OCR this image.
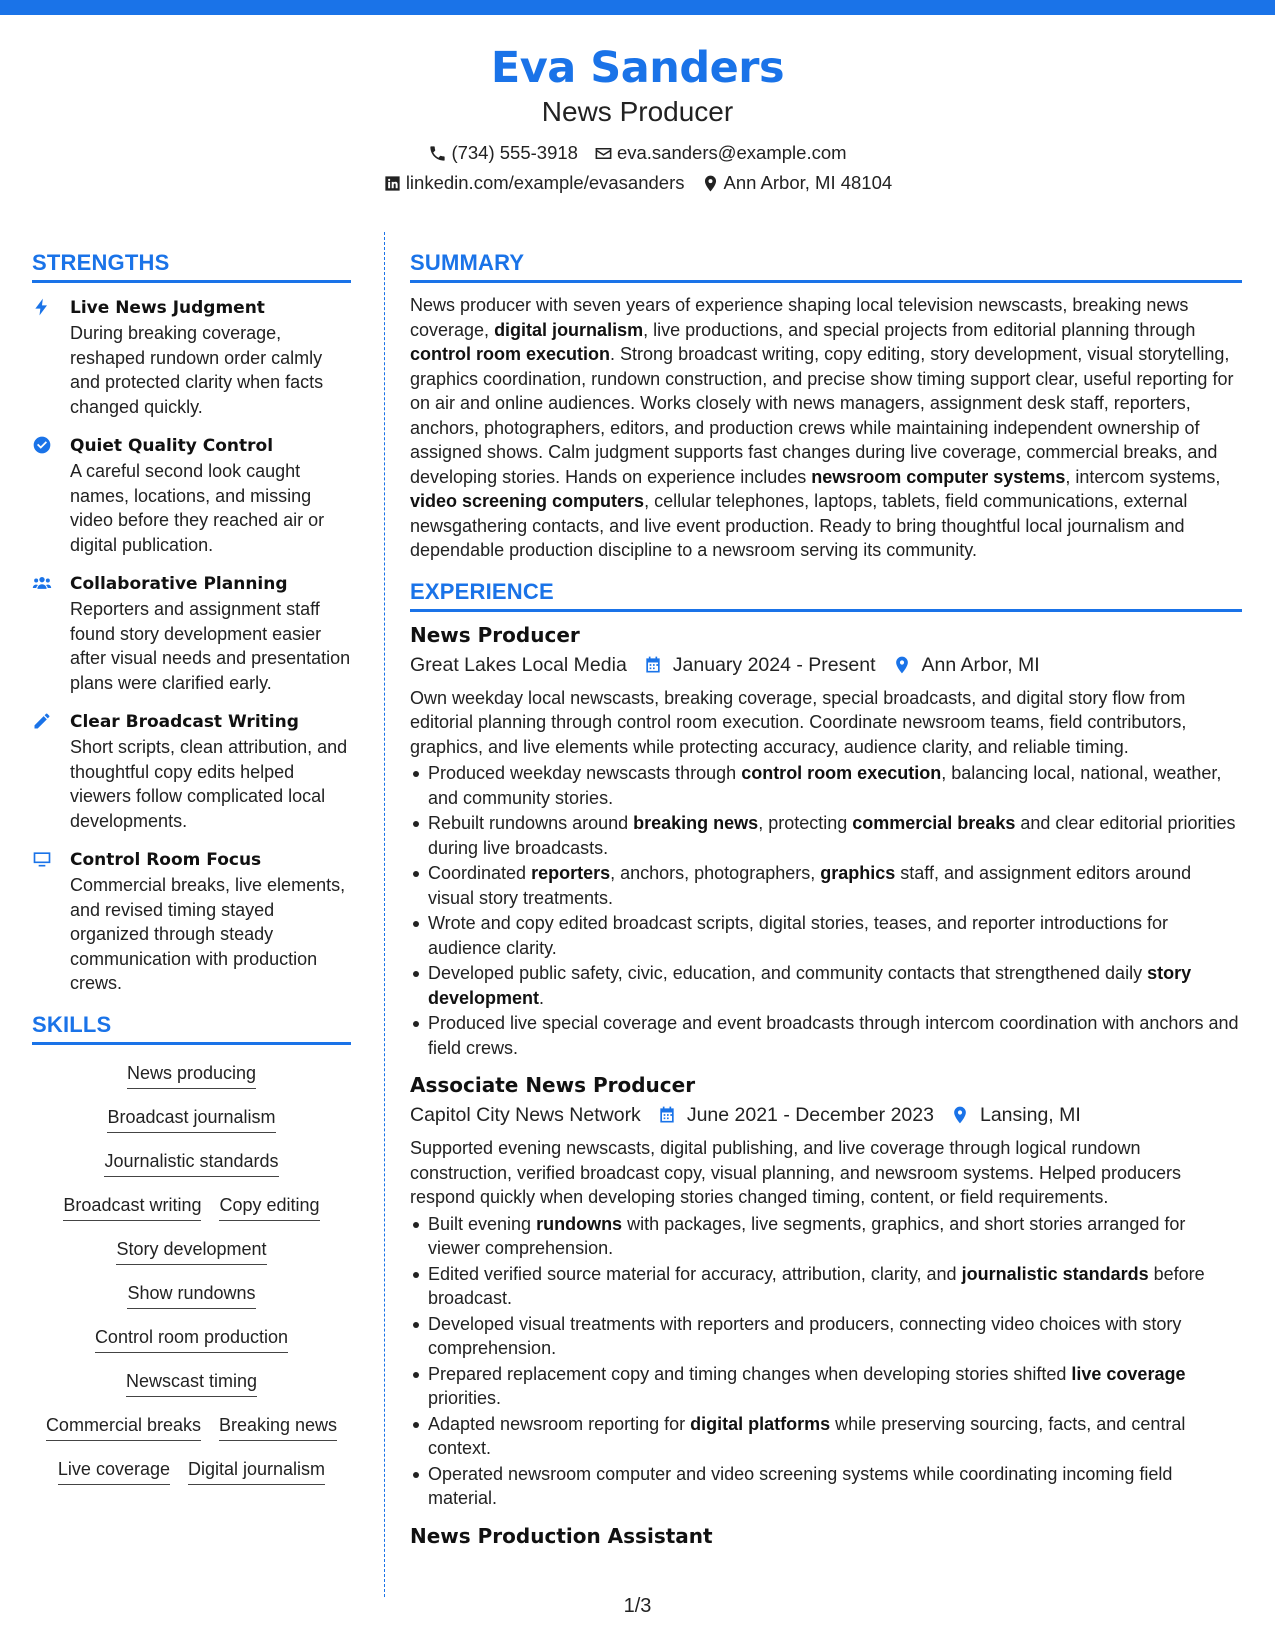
Eva Sanders
News Producer
(734) 555-3918 eva.sanders@example.com
linkedin.com/example/evasanders Ann Arbor, MI 48104
STRENGTHS
Live News Judgment
During breaking coverage, reshaped rundown order calmly and protected clarity when facts changed quickly.
Quiet Quality Control
A careful second look caught names, locations, and missing video before they reached air or digital publication.
Collaborative Planning
Reporters and assignment staff found story development easier after visual needs and presentation plans were clarified early.
Clear Broadcast Writing
Short scripts, clean attribution, and thoughtful copy edits helped viewers follow complicated local developments.
Control Room Focus
Commercial breaks, live elements, and revised timing stayed organized through steady communication with production crews.
SKILLS
News producing
Broadcast journalism
Journalistic standards
Broadcast writing Copy editing
Story development
Show rundowns
Control room production
Newscast timing
Commercial breaks Breaking news
Live coverage Digital journalism
SUMMARY
News producer with seven years of experience shaping local television newscasts, breaking news coverage, digital journalism, live productions, and special projects from editorial planning through control room execution. Strong broadcast writing, copy editing, story development, visual storytelling, graphics coordination, rundown construction, and precise show timing support clear, useful reporting for on air and online audiences. Works closely with news managers, assignment desk staff, reporters, anchors, photographers, editors, and production crews while maintaining independent ownership of assigned shows. Calm judgment supports fast changes during live coverage, commercial breaks, and developing stories. Hands on experience includes newsroom computer systems, intercom systems, video screening computers, cellular telephones, laptops, tablets, field communications, external newsgathering contacts, and live event production. Ready to bring thoughtful local journalism and dependable production discipline to a newsroom serving its community.
EXPERIENCE
News Producer
Great Lakes Local Media January 2024 - Present Ann Arbor, MI
Own weekday local newscasts, breaking coverage, special broadcasts, and digital story flow from editorial planning through control room execution. Coordinate newsroom teams, field contributors, graphics, and live elements while protecting accuracy, audience clarity, and reliable timing.
Produced weekday newscasts through control room execution, balancing local, national, weather, and community stories.
Rebuilt rundowns around breaking news, protecting commercial breaks and clear editorial priorities during live broadcasts.
Coordinated reporters, anchors, photographers, graphics staff, and assignment editors around visual story treatments.
Wrote and copy edited broadcast scripts, digital stories, teases, and reporter introductions for audience clarity.
Developed public safety, civic, education, and community contacts that strengthened daily story development.
Produced live special coverage and event broadcasts through intercom coordination with anchors and field crews.
Associate News Producer
Capitol City News Network June 2021 - December 2023 Lansing, MI
Supported evening newscasts, digital publishing, and live coverage through logical rundown construction, verified broadcast copy, visual planning, and newsroom systems. Helped producers respond quickly when developing stories changed timing, content, or field requirements.
Built evening rundowns with packages, live segments, graphics, and short stories arranged for viewer comprehension.
Edited verified source material for accuracy, attribution, clarity, and journalistic standards before broadcast.
Developed visual treatments with reporters and producers, connecting video choices with story comprehension.
Prepared replacement copy and timing changes when developing stories shifted live coverage priorities.
Adapted newsroom reporting for digital platforms while preserving sourcing, facts, and central context.
Operated newsroom computer and video screening systems while coordinating incoming field material.
News Production Assistant
1/3
